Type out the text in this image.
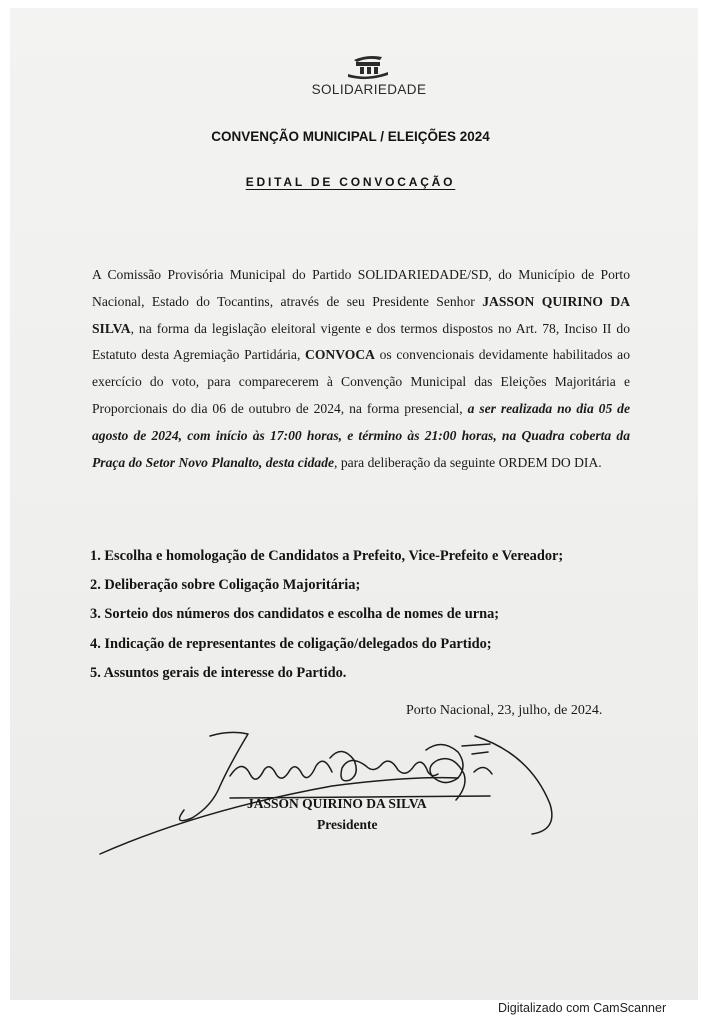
SOLIDARIEDADE
CONVENÇÃO MUNICIPAL / ELEIÇÕES 2024
EDITAL DE CONVOCAÇÃO
A Comissão Provisória Municipal do Partido SOLIDARIEDADE/SD, do Município de Porto Nacional, Estado do Tocantins, através de seu Presidente Senhor JASSON QUIRINO DA SILVA, na forma da legislação eleitoral vigente e dos termos dispostos no Art. 78, Inciso II do Estatuto desta Agremiação Partidária, CONVOCA os convencionais devidamente habilitados ao exercício do voto, para comparecerem à Convenção Municipal das Eleições Majoritária e Proporcionais do dia 06 de outubro de 2024, na forma presencial, a ser realizada no dia 05 de agosto de 2024, com início às 17:00 horas, e término às 21:00 horas, na Quadra coberta da Praça do Setor Novo Planalto, desta cidade, para deliberação da seguinte ORDEM DO DIA.
1. Escolha e homologação de Candidatos a Prefeito, Vice-Prefeito e Vereador;
2. Deliberação sobre Coligação Majoritária;
3. Sorteio dos números dos candidatos e escolha de nomes de urna;
4. Indicação de representantes de coligação/delegados do Partido;
5. Assuntos gerais de interesse do Partido.
Porto Nacional, 23, julho, de 2024.
JASSON QUIRINO DA SILVA
Presidente
Digitalizado com CamScanner
